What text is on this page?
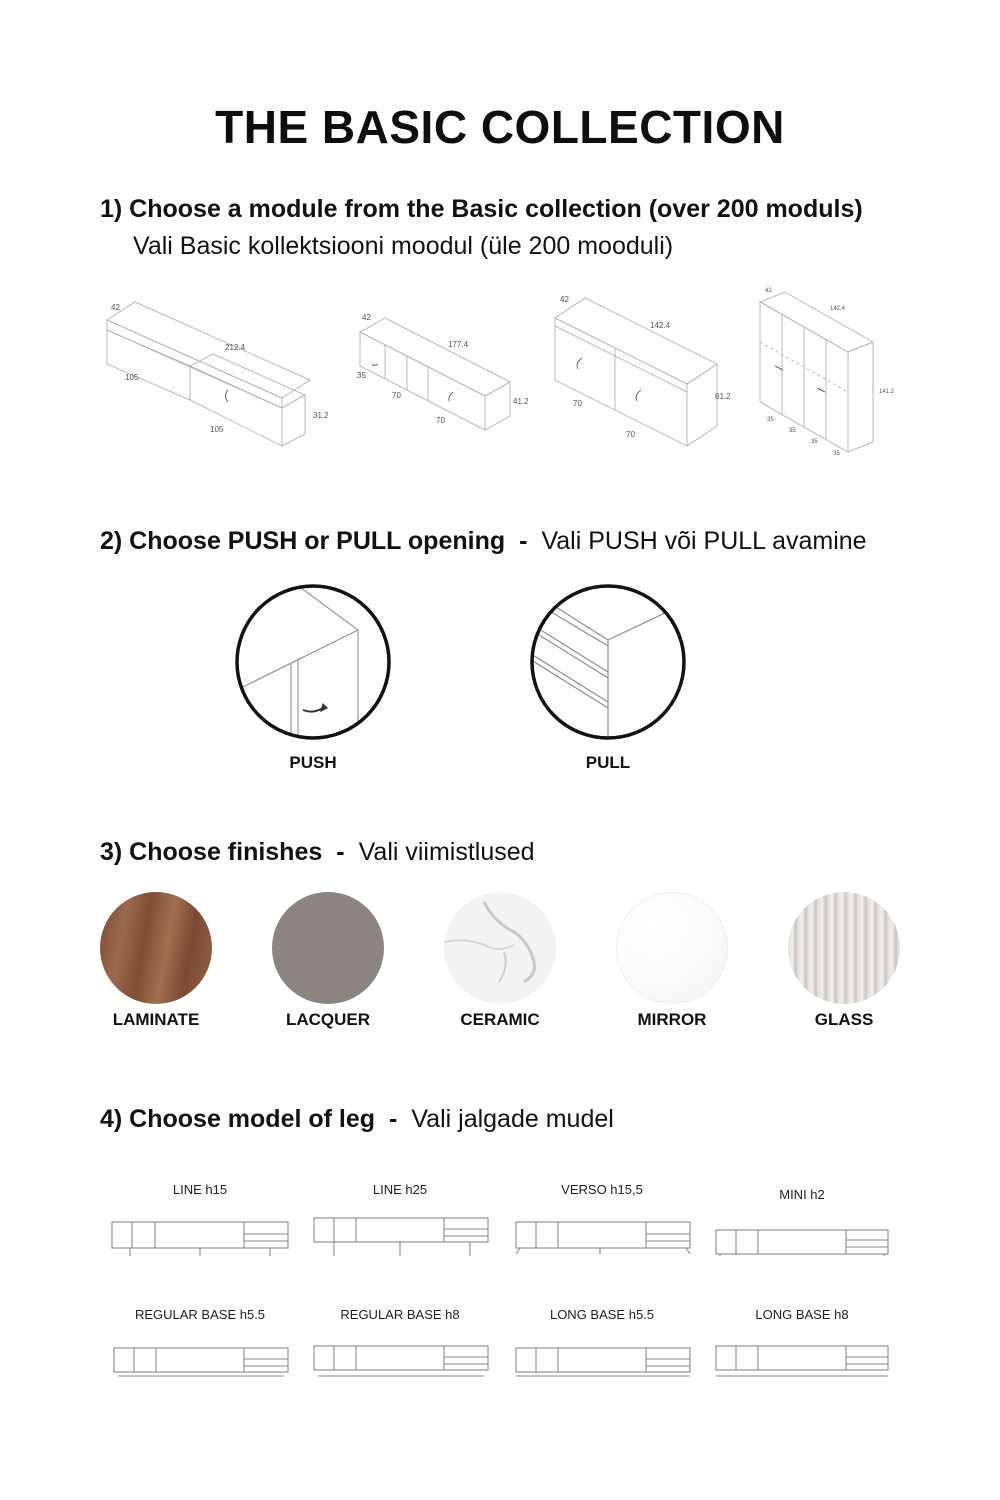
THE BASIC COLLECTION
1) Choose a module from the Basic collection (over 200 moduls)
Vali Basic kollektsiooni moodul (üle 200 mooduli)
42
212.4
105
105
31.2
42
177.4
35
70
70
41.2
42
142.4
70
70
61.2
42
142.4
141.2
35
35
35
35
2) Choose PUSH or PULL opening - Vali PUSH või PULL avamine
PUSH	PULL
3) Choose finishes - Vali viimistlused
LAMINATE	LACQUER	CERAMIC	MIRROR	GLASS
4) Choose model of leg - Vali jalgade mudel
LINE h15	LINE h25	VERSO h15,5	MINI h2
REGULAR BASE h5.5	REGULAR BASE h8	LONG BASE h5.5	LONG BASE h8
